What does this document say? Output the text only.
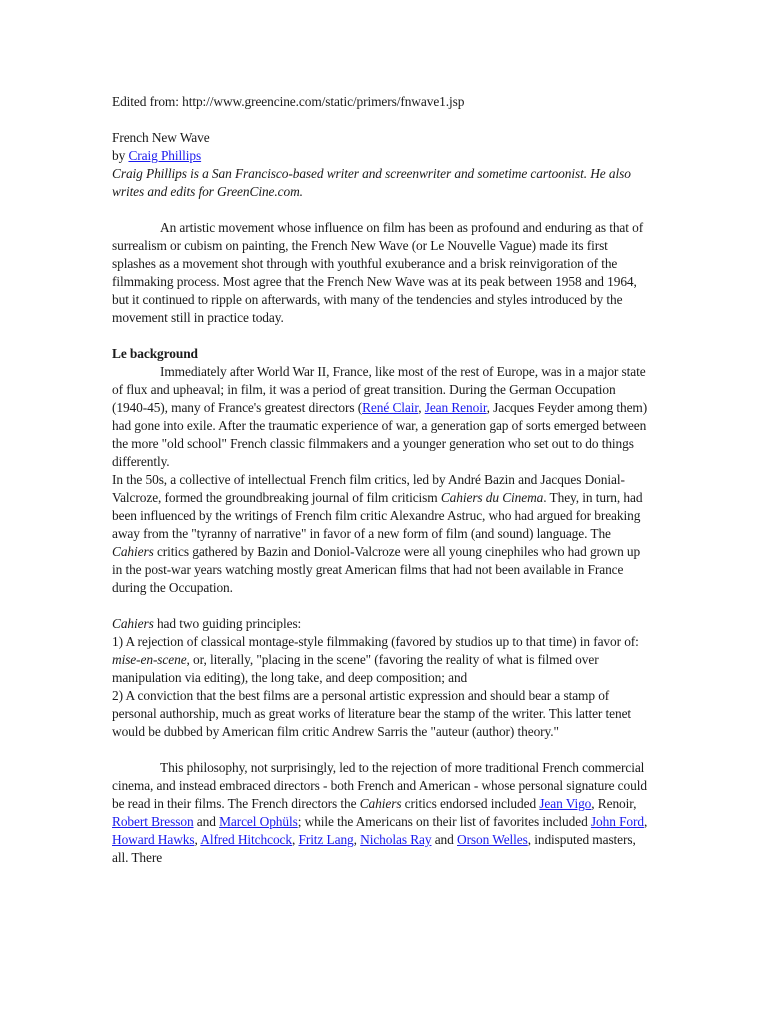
Edited from: http://www.greencine.com/static/primers/fnwave1.jsp

French New Wave

by Craig Phillips

Craig Phillips is a San Francisco-based writer and screenwriter and sometime cartoonist. He also writes and edits for GreenCine.com.

An artistic movement whose influence on film has been as profound and enduring as that of surrealism or cubism on painting, the French New Wave (or Le Nouvelle Vague) made its first splashes as a movement shot through with youthful exuberance and a brisk reinvigoration of the filmmaking process. Most agree that the French New Wave was at its peak between 1958 and 1964, but it continued to ripple on afterwards, with many of the tendencies and styles introduced by the movement still in practice today.

Le background

Immediately after World War II, France, like most of the rest of Europe, was in a major state of flux and upheaval; in film, it was a period of great transition. During the German Occupation (1940-45), many of France's greatest directors (René Clair, Jean Renoir, Jacques Feyder among them) had gone into exile. After the traumatic experience of war, a generation gap of sorts emerged between the more "old school" French classic filmmakers and a younger generation who set out to do things differently.

In the 50s, a collective of intellectual French film critics, led by André Bazin and Jacques Donial-Valcroze, formed the groundbreaking journal of film criticism Cahiers du Cinema. They, in turn, had been influenced by the writings of French film critic Alexandre Astruc, who had argued for breaking away from the "tyranny of narrative" in favor of a new form of film (and sound) language. The Cahiers critics gathered by Bazin and Doniol-Valcroze were all young cinephiles who had grown up in the post-war years watching mostly great American films that had not been available in France during the Occupation.

Cahiers had two guiding principles:

1) A rejection of classical montage-style filmmaking (favored by studios up to that time) in favor of: mise-en-scene, or, literally, "placing in the scene" (favoring the reality of what is filmed over manipulation via editing), the long take, and deep composition; and

2) A conviction that the best films are a personal artistic expression and should bear a stamp of personal authorship, much as great works of literature bear the stamp of the writer. This latter tenet would be dubbed by American film critic Andrew Sarris the "auteur (author) theory."

This philosophy, not surprisingly, led to the rejection of more traditional French commercial cinema, and instead embraced directors - both French and American - whose personal signature could be read in their films. The French directors the Cahiers critics endorsed included Jean Vigo, Renoir, Robert Bresson and Marcel Ophüls; while the Americans on their list of favorites included John Ford, Howard Hawks, Alfred Hitchcock, Fritz Lang, Nicholas Ray and Orson Welles, indisputed masters, all. There
